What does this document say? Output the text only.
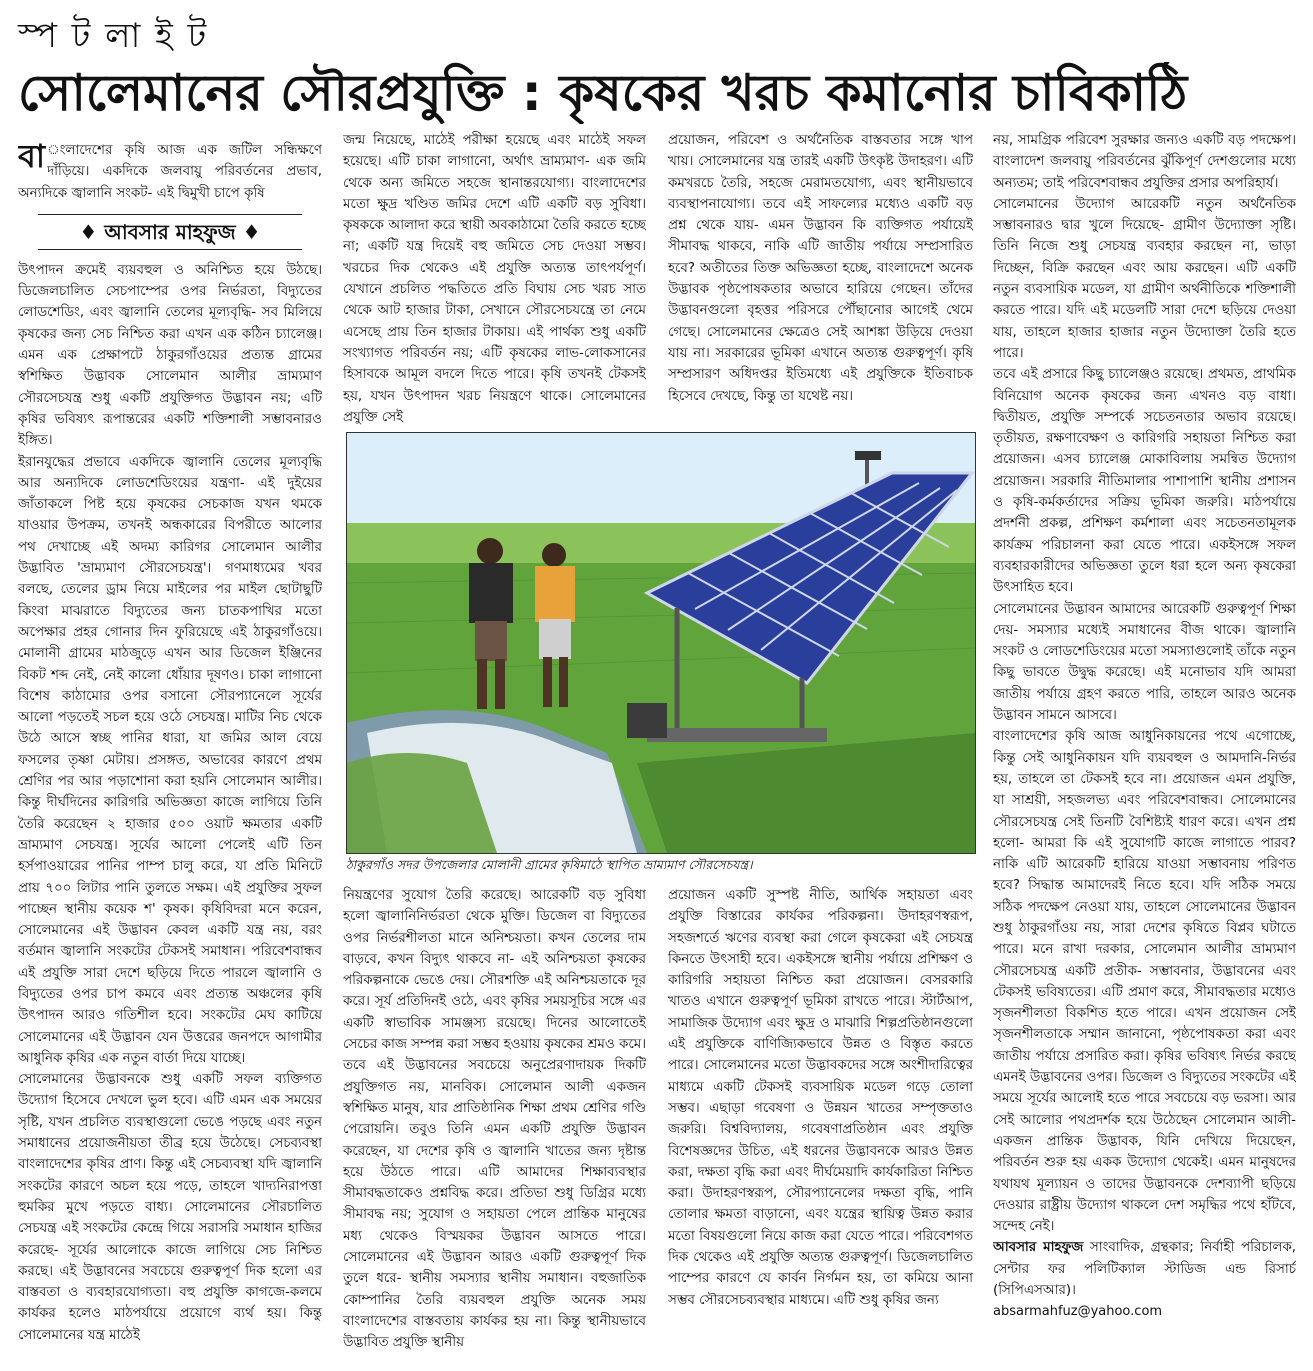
স্প ট লা ই ট
সোলেমানের সৌরপ্রযুক্তি : কৃষকের খরচ কমানোর চাবিকাঠি

বা ংলাদেশের কৃষি আজ এক জটিল সন্ধিক্ষণে দাঁড়িয়ে। একদিকে জলবায়ু পরিবর্তনের প্রভাব, অন্যদিকে জ্বালানি সংকট- এই দ্বিমুখী চাপে কৃষি

♦ আবসার মাহফুজ ♦

উৎপাদন ক্রমেই ব্যয়বহুল ও অনিশ্চিত হয়ে উঠছে। ডিজেলচালিত সেচপাম্পের ওপর নির্ভরতা, বিদ্যুতের লোডশেডিং, এবং জ্বালানি তেলের মূল্যবৃদ্ধি- সব মিলিয়ে কৃষকের জন্য সেচ নিশ্চিত করা এখন এক কঠিন চ্যালেঞ্জ। এমন এক প্রেক্ষাপটে ঠাকুরগাঁওয়ের প্রত্যন্ত গ্রামের স্বশিক্ষিত উদ্ভাবক সোলেমান আলীর ভ্রাম্যমাণ সৌরসেচযন্ত্র শুধু একটি প্রযুক্তিগত উদ্ভাবন নয়; এটি কৃষির ভবিষ্যৎ রূপান্তরের একটি শক্তিশালী সম্ভাবনারও ইঙ্গিত।

ইরানযুদ্ধের প্রভাবে একদিকে জ্বালানি তেলের মূল্যবৃদ্ধি আর অন্যদিকে লোডশেডিংয়ের যন্ত্রণা- এই দুইয়ের জাঁতাকলে পিষ্ট হয়ে কৃষকের সেচকাজ যখন থমকে যাওয়ার উপক্রম, তখনই অন্ধকারের বিপরীতে আলোর পথ দেখাচ্ছে এই অদম্য কারিগর সোলেমান আলীর উদ্ভাবিত 'ভ্রাম্যমাণ সৌরসেচযন্ত্র'। গণমাধ্যমের খবর বলছে, তেলের ড্রাম নিয়ে মাইলের পর মাইল ছোটাছুটি কিংবা মাঝরাতে বিদ্যুতের জন্য চাতকপাখির মতো অপেক্ষার প্রহর গোনার দিন ফুরিয়েছে এই ঠাকুরগাঁওয়ে। মোলানী গ্রামের মাঠজুড়ে এখন আর ডিজেল ইঞ্জিনের বিকট শব্দ নেই, নেই কালো ধোঁয়ার দূষণও। চাকা লাগানো বিশেষ কাঠামোর ওপর বসানো সৌরপ্যানেলে সূর্যের আলো পড়তেই সচল হয়ে ওঠে সেচযন্ত্র। মাটির নিচ থেকে উঠে আসে স্বচ্ছ পানির ধারা, যা জমির আল বেয়ে ফসলের তৃষ্ণা মেটায়। প্রসঙ্গত, অভাবের কারণে প্রথম শ্রেণির পর আর পড়াশোনা করা হয়নি সোলেমান আলীর। কিন্তু দীর্ঘদিনের কারিগরি অভিজ্ঞতা কাজে লাগিয়ে তিনি তৈরি করেছেন ২ হাজার ৫০০ ওয়াট ক্ষমতার একটি ভ্রাম্যমাণ সেচযন্ত্র। সূর্যের আলো পেলেই এটি তিন হর্সপাওয়ারের পানির পাম্প চালু করে, যা প্রতি মিনিটে প্রায় ৭০০ লিটার পানি তুলতে সক্ষম। এই প্রযুক্তির সুফল পাচ্ছেন স্থানীয় কয়েক শ' কৃষক। কৃষিবিদরা মনে করেন, সোলেমানের এই উদ্ভাবন কেবল একটি যন্ত্র নয়, বরং বর্তমান জ্বালানি সংকটের টেকসই সমাধান। পরিবেশবান্ধব এই প্রযুক্তি সারা দেশে ছড়িয়ে দিতে পারলে জ্বালানি ও বিদ্যুতের ওপর চাপ কমবে এবং প্রত্যন্ত অঞ্চলের কৃষি উৎপাদন আরও গতিশীল হবে। সংকটের মেঘ কাটিয়ে সোলেমানের এই উদ্ভাবন যেন উত্তরের জনপদে আগামীর আধুনিক কৃষির এক নতুন বার্তা দিয়ে যাচ্ছে।

সোলেমানের উদ্ভাবনকে শুধু একটি সফল ব্যক্তিগত উদ্যোগ হিসেবে দেখলে ভুল হবে। এটি এমন এক সময়ের সৃষ্টি, যখন প্রচলিত ব্যবস্থাগুলো ভেঙে পড়ছে এবং নতুন সমাধানের প্রয়োজনীয়তা তীব্র হয়ে উঠেছে। সেচব্যবস্থা বাংলাদেশের কৃষির প্রাণ। কিন্তু এই সেচব্যবস্থা যদি জ্বালানি সংকটের কারণে অচল হয়ে পড়ে, তাহলে খাদ্যনিরাপত্তা হুমকির মুখে পড়তে বাধ্য। সোলেমানের সৌরচালিত সেচযন্ত্র এই সংকটের কেন্দ্রে গিয়ে সরাসরি সমাধান হাজির করেছে- সূর্যের আলোকে কাজে লাগিয়ে সেচ নিশ্চিত করছে। এই উদ্ভাবনের সবচেয়ে গুরুত্বপূর্ণ দিক হলো এর বাস্তবতা ও ব্যবহারযোগ্যতা। বহু প্রযুক্তি কাগজে-কলমে কার্যকর হলেও মাঠপর্যায়ে প্রয়োগে ব্যর্থ হয়। কিন্তু সোলেমানের যন্ত্র মাঠেই

জন্ম নিয়েছে, মাঠেই পরীক্ষা হয়েছে এবং মাঠেই সফল হয়েছে। এটি চাকা লাগানো, অর্থাৎ ভ্রাম্যমাণ- এক জমি থেকে অন্য জমিতে সহজে স্থানান্তরযোগ্য। বাংলাদেশের মতো ক্ষুদ্র খণ্ডিত জমির দেশে এটি একটি বড় সুবিধা। কৃষককে আলাদা করে স্থায়ী অবকাঠামো তৈরি করতে হচ্ছে না; একটি যন্ত্র দিয়েই বহু জমিতে সেচ দেওয়া সম্ভব। খরচের দিক থেকেও এই প্রযুক্তি অত্যন্ত তাৎপর্যপূর্ণ। যেখানে প্রচলিত পদ্ধতিতে প্রতি বিঘায় সেচ খরচ সাত থেকে আট হাজার টাকা, সেখানে সৌরসেচযন্ত্রে তা নেমে এসেছে প্রায় তিন হাজার টাকায়। এই পার্থক্য শুধু একটি সংখ্যাগত পরিবর্তন নয়; এটি কৃষকের লাভ-লোকসানের হিসাবকে আমূল বদলে দিতে পারে। কৃষি তখনই টেকসই হয়, যখন উৎপাদন খরচ নিয়ন্ত্রণে থাকে। সোলেমানের প্রযুক্তি সেই

প্রয়োজন, পরিবেশ ও অর্থনৈতিক বাস্তবতার সঙ্গে খাপ খায়। সোলেমানের যন্ত্র তারই একটি উৎকৃষ্ট উদাহরণ। এটি কমখরচে তৈরি, সহজে মেরামতযোগ্য, এবং স্থানীয়ভাবে ব্যবস্থাপনাযোগ্য। তবে এই সাফল্যের মধ্যেও একটি বড় প্রশ্ন থেকে যায়- এমন উদ্ভাবন কি ব্যক্তিগত পর্যায়েই সীমাবদ্ধ থাকবে, নাকি এটি জাতীয় পর্যায়ে সম্প্রসারিত হবে? অতীতের তিক্ত অভিজ্ঞতা হচ্ছে, বাংলাদেশে অনেক উদ্ভাবক পৃষ্ঠপোষকতার অভাবে হারিয়ে গেছেন। তাঁদের উদ্ভাবনগুলো বৃহত্তর পরিসরে পৌঁছানোর আগেই থেমে গেছে। সোলেমানের ক্ষেত্রেও সেই আশঙ্কা উড়িয়ে দেওয়া যায় না। সরকারের ভূমিকা এখানে অত্যন্ত গুরুত্বপূর্ণ। কৃষি সম্প্রসারণ অধিদপ্তর ইতিমধ্যে এই প্রযুক্তিকে ইতিবাচক হিসেবে দেখছে, কিন্তু তা যথেষ্ট নয়।

ঠাকুরগাঁও সদর উপজেলার মোলানী গ্রামের কৃষিমাঠে স্থাপিত ভ্রাম্যমাণ সৌরসেচযন্ত্র।

নিয়ন্ত্রণের সুযোগ তৈরি করেছে। আরেকটি বড় সুবিধা হলো জ্বালানিনির্ভরতা থেকে মুক্তি। ডিজেল বা বিদ্যুতের ওপর নির্ভরশীলতা মানে অনিশ্চয়তা। কখন তেলের দাম বাড়বে, কখন বিদ্যুৎ থাকবে না- এই অনিশ্চয়তা কৃষকের পরিকল্পনাকে ভেঙে দেয়। সৌরশক্তি এই অনিশ্চয়তাকে দূর করে। সূর্য প্রতিদিনই ওঠে, এবং কৃষির সময়সূচির সঙ্গে এর একটি স্বাভাবিক সামঞ্জস্য রয়েছে। দিনের আলোতেই সেচের কাজ সম্পন্ন করা সম্ভব হওয়ায় কৃষকের শ্রমও কমে। তবে এই উদ্ভাবনের সবচেয়ে অনুপ্রেরণাদায়ক দিকটি প্রযুক্তিগত নয়, মানবিক। সোলেমান আলী একজন স্বশিক্ষিত মানুষ, যার প্রাতিষ্ঠানিক শিক্ষা প্রথম শ্রেণির গণ্ডি পেরোয়নি। তবুও তিনি এমন একটি প্রযুক্তি উদ্ভাবন করেছেন, যা দেশের কৃষি ও জ্বালানি খাতের জন্য দৃষ্টান্ত হয়ে উঠতে পারে। এটি আমাদের শিক্ষাব্যবস্থার সীমাবদ্ধতাকেও প্রশ্নবিদ্ধ করে। প্রতিভা শুধু ডিগ্রির মধ্যে সীমাবদ্ধ নয়; সুযোগ ও সহায়তা পেলে প্রান্তিক মানুষের মধ্য থেকেও বিস্ময়কর উদ্ভাবন আসতে পারে। সোলেমানের এই উদ্ভাবন আরও একটি গুরুত্বপূর্ণ দিক তুলে ধরে- স্থানীয় সমস্যার স্থানীয় সমাধান। বহুজাতিক কোম্পানির তৈরি ব্যয়বহুল প্রযুক্তি অনেক সময় বাংলাদেশের বাস্তবতায় কার্যকর হয় না। কিন্তু স্থানীয়ভাবে উদ্ভাবিত প্রযুক্তি স্থানীয়

প্রয়োজন একটি সুস্পষ্ট নীতি, আর্থিক সহায়তা এবং প্রযুক্তি বিস্তারের কার্যকর পরিকল্পনা। উদাহরণস্বরূপ, সহজশর্তে ঋণের ব্যবস্থা করা গেলে কৃষকেরা এই সেচযন্ত্র কিনতে উৎসাহী হবে। একইসঙ্গে স্থানীয় পর্যায়ে প্রশিক্ষণ ও কারিগরি সহায়তা নিশ্চিত করা প্রয়োজন। বেসরকারি খাতও এখানে গুরুত্বপূর্ণ ভূমিকা রাখতে পারে। স্টার্টআপ, সামাজিক উদ্যোগ এবং ক্ষুদ্র ও মাঝারি শিল্পপ্রতিষ্ঠানগুলো এই প্রযুক্তিকে বাণিজ্যিকভাবে উন্নত ও বিস্তৃত করতে পারে। সোলেমানের মতো উদ্ভাবকদের সঙ্গে অংশীদারিত্বের মাধ্যমে একটি টেকসই ব্যবসায়িক মডেল গড়ে তোলা সম্ভব। এছাড়া গবেষণা ও উন্নয়ন খাতের সম্পৃক্ততাও জরুরি। বিশ্ববিদ্যালয়, গবেষণাপ্রতিষ্ঠান এবং প্রযুক্তি বিশেষজ্ঞদের উচিত, এই ধরনের উদ্ভাবনকে আরও উন্নত করা, দক্ষতা বৃদ্ধি করা এবং দীর্ঘমেয়াদি কার্যকারিতা নিশ্চিত করা। উদাহরণস্বরূপ, সৌরপ্যানেলের দক্ষতা বৃদ্ধি, পানি তোলার ক্ষমতা বাড়ানো, এবং যন্ত্রের স্থায়িত্ব উন্নত করার মতো বিষয়গুলো নিয়ে কাজ করা যেতে পারে। পরিবেশগত দিক থেকেও এই প্রযুক্তি অত্যন্ত গুরুত্বপূর্ণ। ডিজেলচালিত পাম্পের কারণে যে কার্বন নির্গমন হয়, তা কমিয়ে আনা সম্ভব সৌরসেচব্যবস্থার মাধ্যমে। এটি শুধু কৃষির জন্য

নয়, সামগ্রিক পরিবেশ সুরক্ষার জন্যও একটি বড় পদক্ষেপ। বাংলাদেশ জলবায়ু পরিবর্তনের ঝুঁকিপূর্ণ দেশগুলোর মধ্যে অন্যতম; তাই পরিবেশবান্ধব প্রযুক্তির প্রসার অপরিহার্য।

সোলেমানের উদ্যোগ আরেকটি নতুন অর্থনৈতিক সম্ভাবনারও দ্বার খুলে দিয়েছে- গ্রামীণ উদ্যোক্তা সৃষ্টি। তিনি নিজে শুধু সেচযন্ত্র ব্যবহার করছেন না, ভাড়া দিচ্ছেন, বিক্রি করছেন এবং আয় করছেন। এটি একটি নতুন ব্যবসায়িক মডেল, যা গ্রামীণ অর্থনীতিকে শক্তিশালী করতে পারে। যদি এই মডেলটি সারা দেশে ছড়িয়ে দেওয়া যায়, তাহলে হাজার হাজার নতুন উদ্যোক্তা তৈরি হতে পারে।

তবে এই প্রসারে কিছু চ্যালেঞ্জও রয়েছে। প্রথমত, প্রাথমিক বিনিয়োগ অনেক কৃষকের জন্য এখনও বড় বাধা। দ্বিতীয়ত, প্রযুক্তি সম্পর্কে সচেতনতার অভাব রয়েছে। তৃতীয়ত, রক্ষণাবেক্ষণ ও কারিগরি সহায়তা নিশ্চিত করা প্রয়োজন। এসব চ্যালেঞ্জ মোকাবিলায় সমন্বিত উদ্যোগ প্রয়োজন। সরকারি নীতিমালার পাশাপাশি স্থানীয় প্রশাসন ও কৃষি-কর্মকর্তাদের সক্রিয় ভূমিকা জরুরি। মাঠপর্যায়ে প্রদর্শনী প্রকল্প, প্রশিক্ষণ কর্মশালা এবং সচেতনতামূলক কার্যক্রম পরিচালনা করা যেতে পারে। একইসঙ্গে সফল ব্যবহারকারীদের অভিজ্ঞতা তুলে ধরা হলে অন্য কৃষকেরা উৎসাহিত হবে।

সোলেমানের উদ্ভাবন আমাদের আরেকটি গুরুত্বপূর্ণ শিক্ষা দেয়- সমস্যার মধ্যেই সমাধানের বীজ থাকে। জ্বালানি সংকট ও লোডশেডিংয়ের মতো সমস্যাগুলোই তাঁকে নতুন কিছু ভাবতে উদ্বুদ্ধ করেছে। এই মনোভাব যদি আমরা জাতীয় পর্যায়ে গ্রহণ করতে পারি, তাহলে আরও অনেক উদ্ভাবন সামনে আসবে।

বাংলাদেশের কৃষি আজ আধুনিকায়নের পথে এগোচ্ছে, কিন্তু সেই আধুনিকায়ন যদি ব্যয়বহুল ও আমদানি-নির্ভর হয়, তাহলে তা টেকসই হবে না। প্রয়োজন এমন প্রযুক্তি, যা সাশ্রয়ী, সহজলভ্য এবং পরিবেশবান্ধব। সোলেমানের সৌরসেচযন্ত্র সেই তিনটি বৈশিষ্ট্যই ধারণ করে। এখন প্রশ্ন হলো- আমরা কি এই সুযোগটি কাজে লাগাতে পারব? নাকি এটি আরেকটি হারিয়ে যাওয়া সম্ভাবনায় পরিণত হবে? সিদ্ধান্ত আমাদেরই নিতে হবে। যদি সঠিক সময়ে সঠিক পদক্ষেপ নেওয়া যায়, তাহলে সোলেমানের উদ্ভাবন শুধু ঠাকুরগাঁওয় নয়, সারা দেশের কৃষিতে বিপ্লব ঘটাতে পারে। মনে রাখা দরকার, সোলেমান আলীর ভ্রাম্যমাণ সৌরসেচযন্ত্র একটি প্রতীক- সম্ভাবনার, উদ্ভাবনের এবং টেকসই ভবিষ্যতের। এটি প্রমাণ করে, সীমাবদ্ধতার মধ্যেও সৃজনশীলতা বিকশিত হতে পারে। এখন প্রয়োজন সেই সৃজনশীলতাকে সম্মান জানানো, পৃষ্ঠপোষকতা করা এবং জাতীয় পর্যায়ে প্রসারিত করা। কৃষির ভবিষ্যৎ নির্ভর করছে এমনই উদ্ভাবনের ওপর। ডিজেল ও বিদ্যুতের সংকটের এই সময়ে সূর্যের আলোই হতে পারে সবচেয়ে বড় ভরসা। আর সেই আলোর পথপ্রদর্শক হয়ে উঠেছেন সোলেমান আলী- একজন প্রান্তিক উদ্ভাবক, যিনি দেখিয়ে দিয়েছেন, পরিবর্তন শুরু হয় একক উদ্যোগ থেকেই। এমন মানুষদের যথাযথ মূল্যায়ন ও তাদের উদ্ভাবনকে দেশব্যাপী ছড়িয়ে দেওয়ার রাষ্ট্রীয় উদ্যোগ থাকলে দেশ সমৃদ্ধির পথে হাঁটবে, সন্দেহ নেই।

আবসার মাহফুজ সাংবাদিক, গ্রন্থকার; নির্বাহী পরিচালক, সেন্টার ফর পলিটিক্যাল স্টাডিজ এন্ড রিসার্চ (সিপিএসআর)।
absarmahfuz@yahoo.com
